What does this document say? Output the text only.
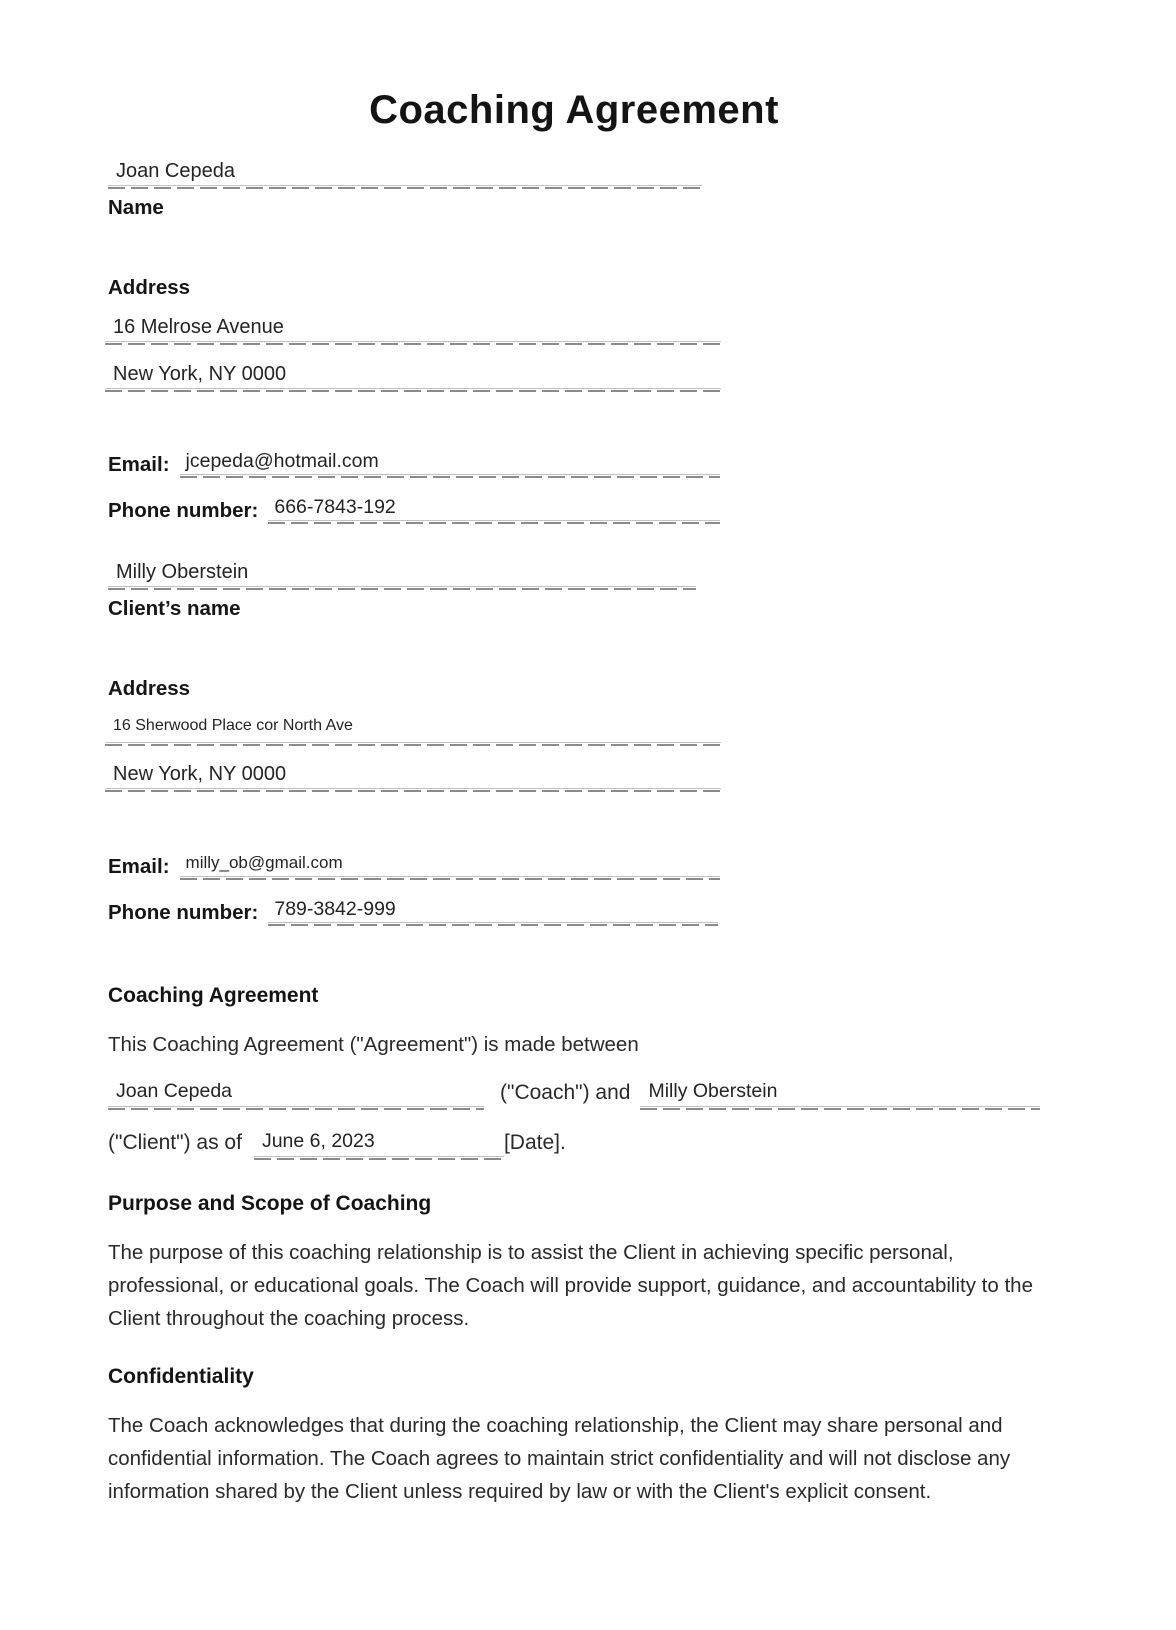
Coaching Agreement
Joan Cepeda
Name
Address
16 Melrose Avenue
New York, NY 0000
Email: jcepeda@hotmail.com
Phone number: 666-7843-192
Milly Oberstein
Client’s name
Address
16 Sherwood Place cor North Ave
New York, NY 0000
Email: milly_ob@gmail.com
Phone number: 789-3842-999
Coaching Agreement
This Coaching Agreement ("Agreement") is made between
Joan Cepeda	("Coach") and Milly Oberstein
("Client") as of	June 6, 2023	[Date].
Purpose and Scope of Coaching
The purpose of this coaching relationship is to assist the Client in achieving specific personal, professional, or educational goals. The Coach will provide support, guidance, and accountability to the Client throughout the coaching process.
Confidentiality
The Coach acknowledges that during the coaching relationship, the Client may share personal and confidential information. The Coach agrees to maintain strict confidentiality and will not disclose any information shared by the Client unless required by law or with the Client's explicit consent.
